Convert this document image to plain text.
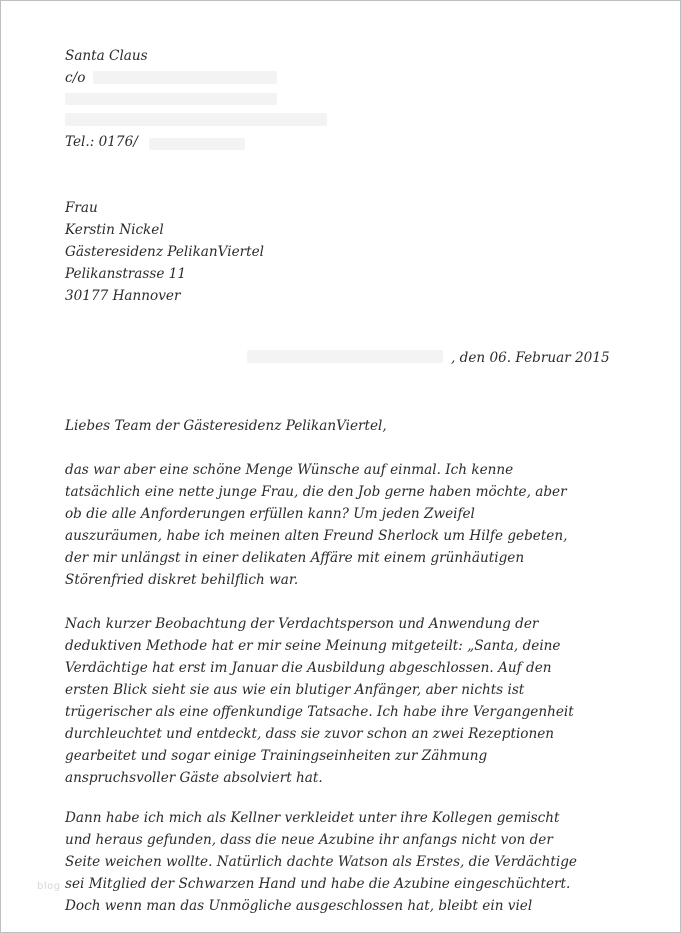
Santa Claus
c/o
Tel.: 0176/
Frau
Kerstin Nickel
Gästeresidenz PelikanViertel
Pelikanstrasse 11
30177 Hannover
, den 06. Februar 2015
Liebes Team der Gästeresidenz PelikanViertel,
das war aber eine schöne Menge Wünsche auf einmal. Ich kenne
tatsächlich eine nette junge Frau, die den Job gerne haben möchte, aber
ob die alle Anforderungen erfüllen kann? Um jeden Zweifel
auszuräumen, habe ich meinen alten Freund Sherlock um Hilfe gebeten,
der mir unlängst in einer delikaten Affäre mit einem grünhäutigen
Störenfried diskret behilflich war.
Nach kurzer Beobachtung der Verdachtsperson und Anwendung der
deduktiven Methode hat er mir seine Meinung mitgeteilt: „Santa, deine
Verdächtige hat erst im Januar die Ausbildung abgeschlossen. Auf den
ersten Blick sieht sie aus wie ein blutiger Anfänger, aber nichts ist
trügerischer als eine offenkundige Tatsache. Ich habe ihre Vergangenheit
durchleuchtet und entdeckt, dass sie zuvor schon an zwei Rezeptionen
gearbeitet und sogar einige Trainingseinheiten zur Zähmung
anspruchsvoller Gäste absolviert hat.
Dann habe ich mich als Kellner verkleidet unter ihre Kollegen gemischt
und heraus gefunden, dass die neue Azubine ihr anfangs nicht von der
Seite weichen wollte. Natürlich dachte Watson als Erstes, die Verdächtige
sei Mitglied der Schwarzen Hand und habe die Azubine eingeschüchtert.
Doch wenn man das Unmögliche ausgeschlossen hat, bleibt ein viel
blog
